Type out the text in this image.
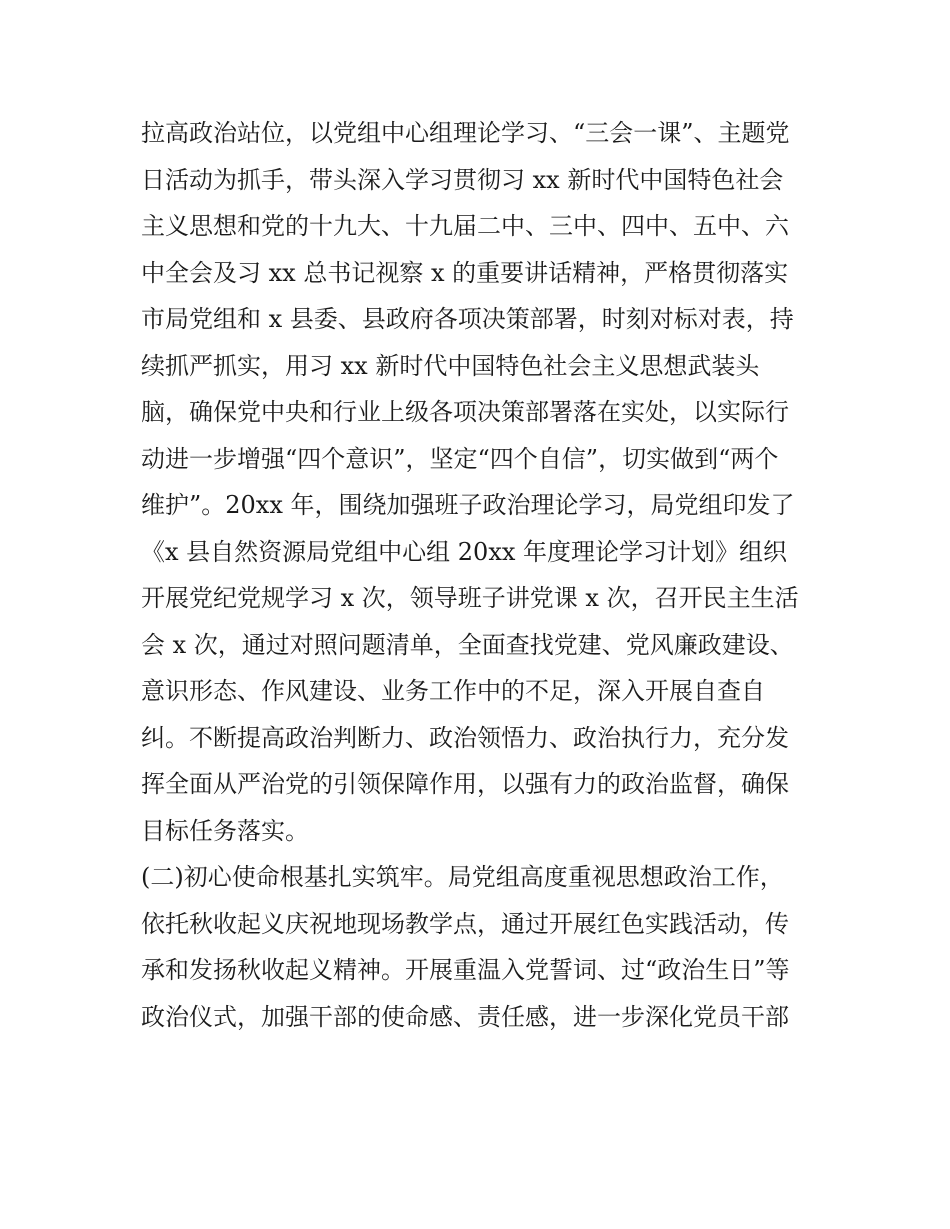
拉高政治站位，以党组中心组理论学习、“三会一课”、主题党
日活动为抓手，带头深入学习贯彻习 xx 新时代中国特色社会
主义思想和党的十九大、十九届二中、三中、四中、五中、六
中全会及习 xx 总书记视察 x 的重要讲话精神，严格贯彻落实
市局党组和 x 县委、县政府各项决策部署，时刻对标对表，持
续抓严抓实，用习 xx 新时代中国特色社会主义思想武装头
脑，确保党中央和行业上级各项决策部署落在实处，以实际行
动进一步增强“四个意识”，坚定“四个自信”，切实做到“两个
维护”。20xx 年，围绕加强班子政治理论学习，局党组印发了
《x 县自然资源局党组中心组 20xx 年度理论学习计划》组织
开展党纪党规学习 x 次，领导班子讲党课 x 次，召开民主生活
会 x 次，通过对照问题清单，全面查找党建、党风廉政建设、
意识形态、作风建设、业务工作中的不足，深入开展自查自
纠。不断提高政治判断力、政治领悟力、政治执行力，充分发
挥全面从严治党的引领保障作用，以强有力的政治监督，确保
目标任务落实。
(二)初心使命根基扎实筑牢。局党组高度重视思想政治工作，
依托秋收起义庆祝地现场教学点，通过开展红色实践活动，传
承和发扬秋收起义精神。开展重温入党誓词、过“政治生日”等
政治仪式，加强干部的使命感、责任感，进一步深化党员干部
